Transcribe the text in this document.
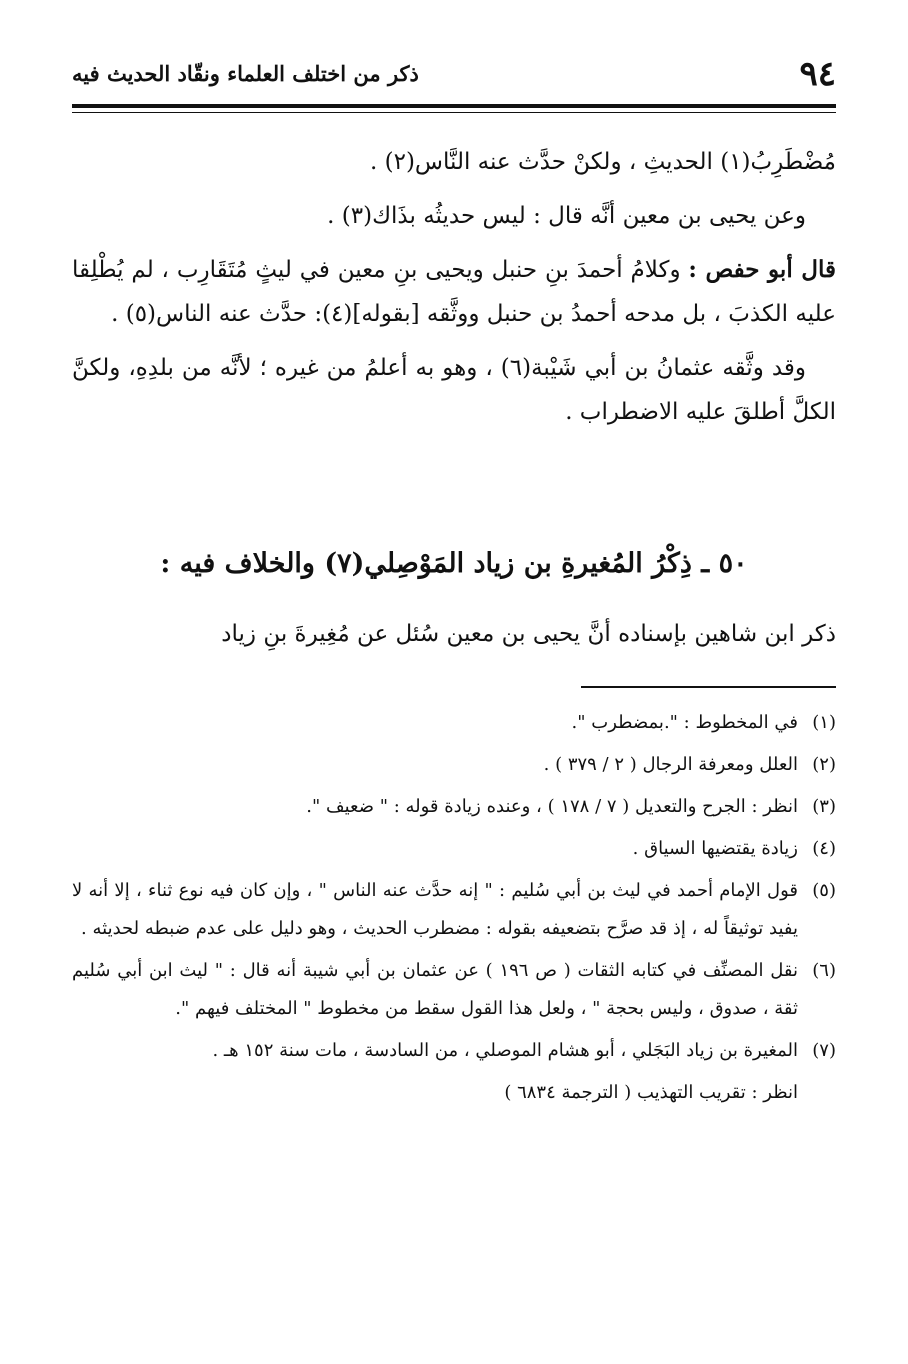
٩٤
ذكر من اختلف العلماء ونقّاد الحديث فيه

مُضْطَرِبُ(١) الحديثِ ، ولكنْ حدَّث عنه النَّاس(٢) .

وعن يحيى بن معين أنَّه قال : ليس حديثُه بذَاك(٣) .

قال أبو حفص : وكلامُ أحمدَ بنِ حنبل ويحيى بنِ معين في ليثٍ مُتَقَارِب ، لم يُطْلِقا عليه الكذبَ ، بل مدحه أحمدُ بن حنبل ووثَّقه [بقوله](٤): حدَّث عنه الناس(٥) .

وقد وثَّقه عثمانُ بن أبي شَيْبة(٦) ، وهو به أعلمُ من غيره ؛ لأنَّه من بلدِهِ، ولكنَّ الكلَّ أطلقَ عليه الاضطراب .

٥٠ ـ ذِكْرُ المُغيرةِ بن زياد المَوْصِلي(٧) والخلاف فيه :
ذكر ابن شاهين بإسناده أنَّ يحيى بن معين سُئل عن مُغِيرةَ بنِ زياد
(١)في المخطوط : ".بمضطرب ".
(٢)العلل ومعرفة الرجال ( ٢ / ٣٧٩ ) .
(٣)انظر : الجرح والتعديل ( ٧ / ١٧٨ ) ، وعنده زيادة قوله : " ضعيف ".
(٤)زيادة يقتضيها السياق .
(٥)قول الإمام أحمد في ليث بن أبي سُليم : " إنه حدَّث عنه الناس " ، وإن كان فيه نوع ثناء ، إلا أنه لا يفيد توثيقاً له ، إذ قد صرَّح بتضعيفه بقوله : مضطرب الحديث ، وهو دليل على عدم ضبطه لحديثه .
(٦)نقل المصنِّف في كتابه الثقات ( ص ١٩٦ ) عن عثمان بن أبي شيبة أنه قال : " ليث ابن أبي سُليم ثقة ، صدوق ، وليس بحجة " ، ولعل هذا القول سقط من مخطوط " المختلف فيهم ".
(٧)المغيرة بن زياد البَجَلي ، أبو هشام الموصلي ، من السادسة ، مات سنة ١٥٢ هـ .
انظر : تقريب التهذيب ( الترجمة ٦٨٣٤ )
